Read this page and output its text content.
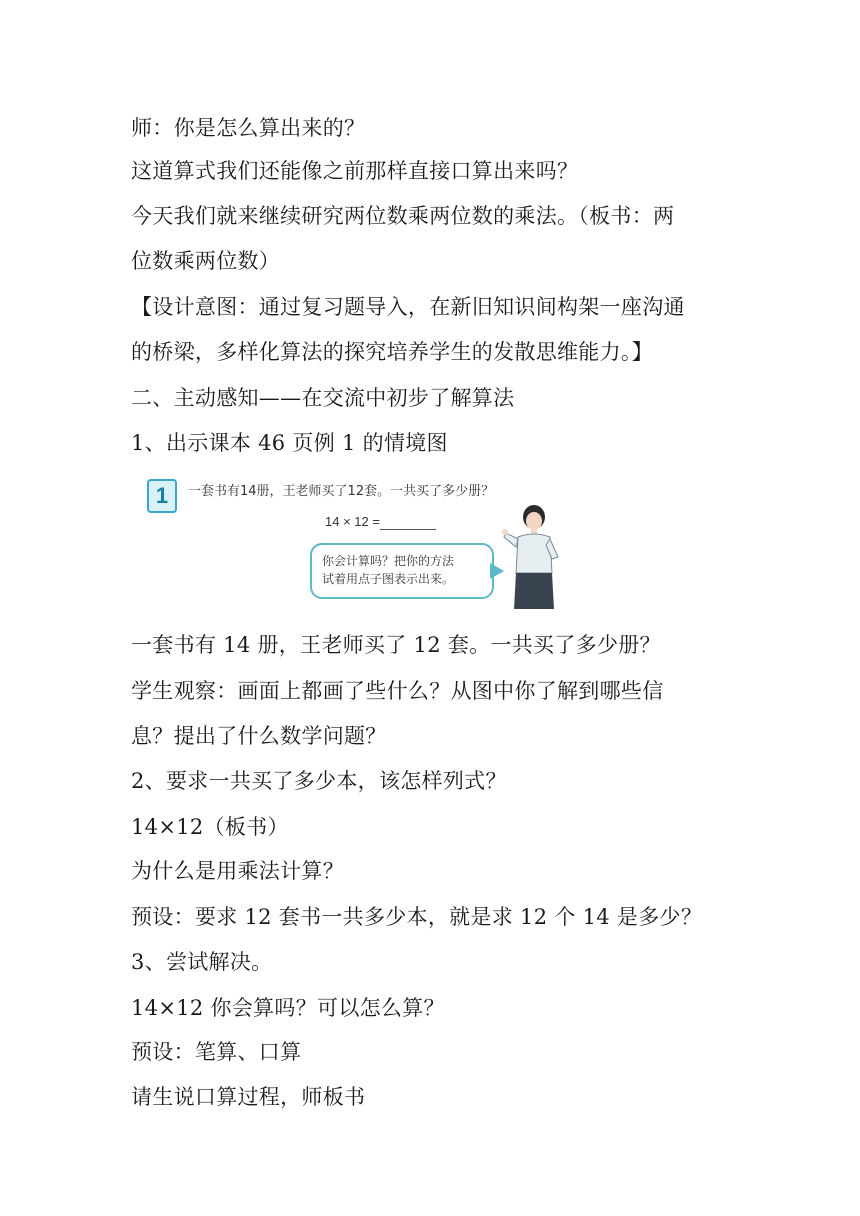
师：你是怎么算出来的？
这道算式我们还能像之前那样直接口算出来吗？
今天我们就来继续研究两位数乘两位数的乘法。（板书：两
位数乘两位数）
【设计意图：通过复习题导入，在新旧知识间构架一座沟通
的桥梁，多样化算法的探究培养学生的发散思维能力。】
二、主动感知——在交流中初步了解算法
1、出示课本 46 页例 1 的情境图
1	一套书有14册，王老师买了12套。一共买了多少册？
14 × 12 =
你会计算吗？把你的方法
试着用点子图表示出来。
一套书有 14 册，王老师买了 12 套。一共买了多少册？
学生观察：画面上都画了些什么？从图中你了解到哪些信
息？提出了什么数学问题？
2、要求一共买了多少本，该怎样列式？
14×12（板书）
为什么是用乘法计算？
预设：要求 12 套书一共多少本，就是求 12 个 14 是多少？
3、尝试解决。
14×12 你会算吗？可以怎么算？
预设：笔算、口算
请生说口算过程，师板书
